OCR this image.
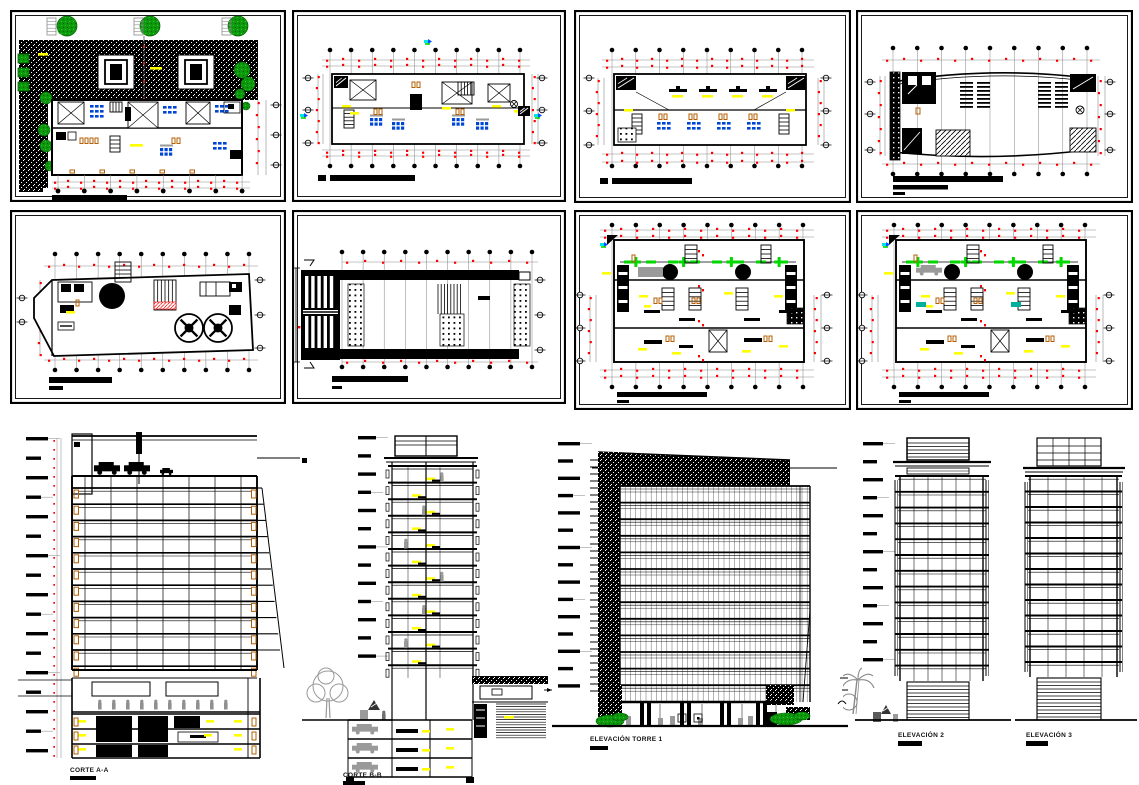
CORTE A-A
CORTE B-B
ELEVACIÓN TORRE 1
ELEVACIÓN 2	ELEVACIÓN 3
